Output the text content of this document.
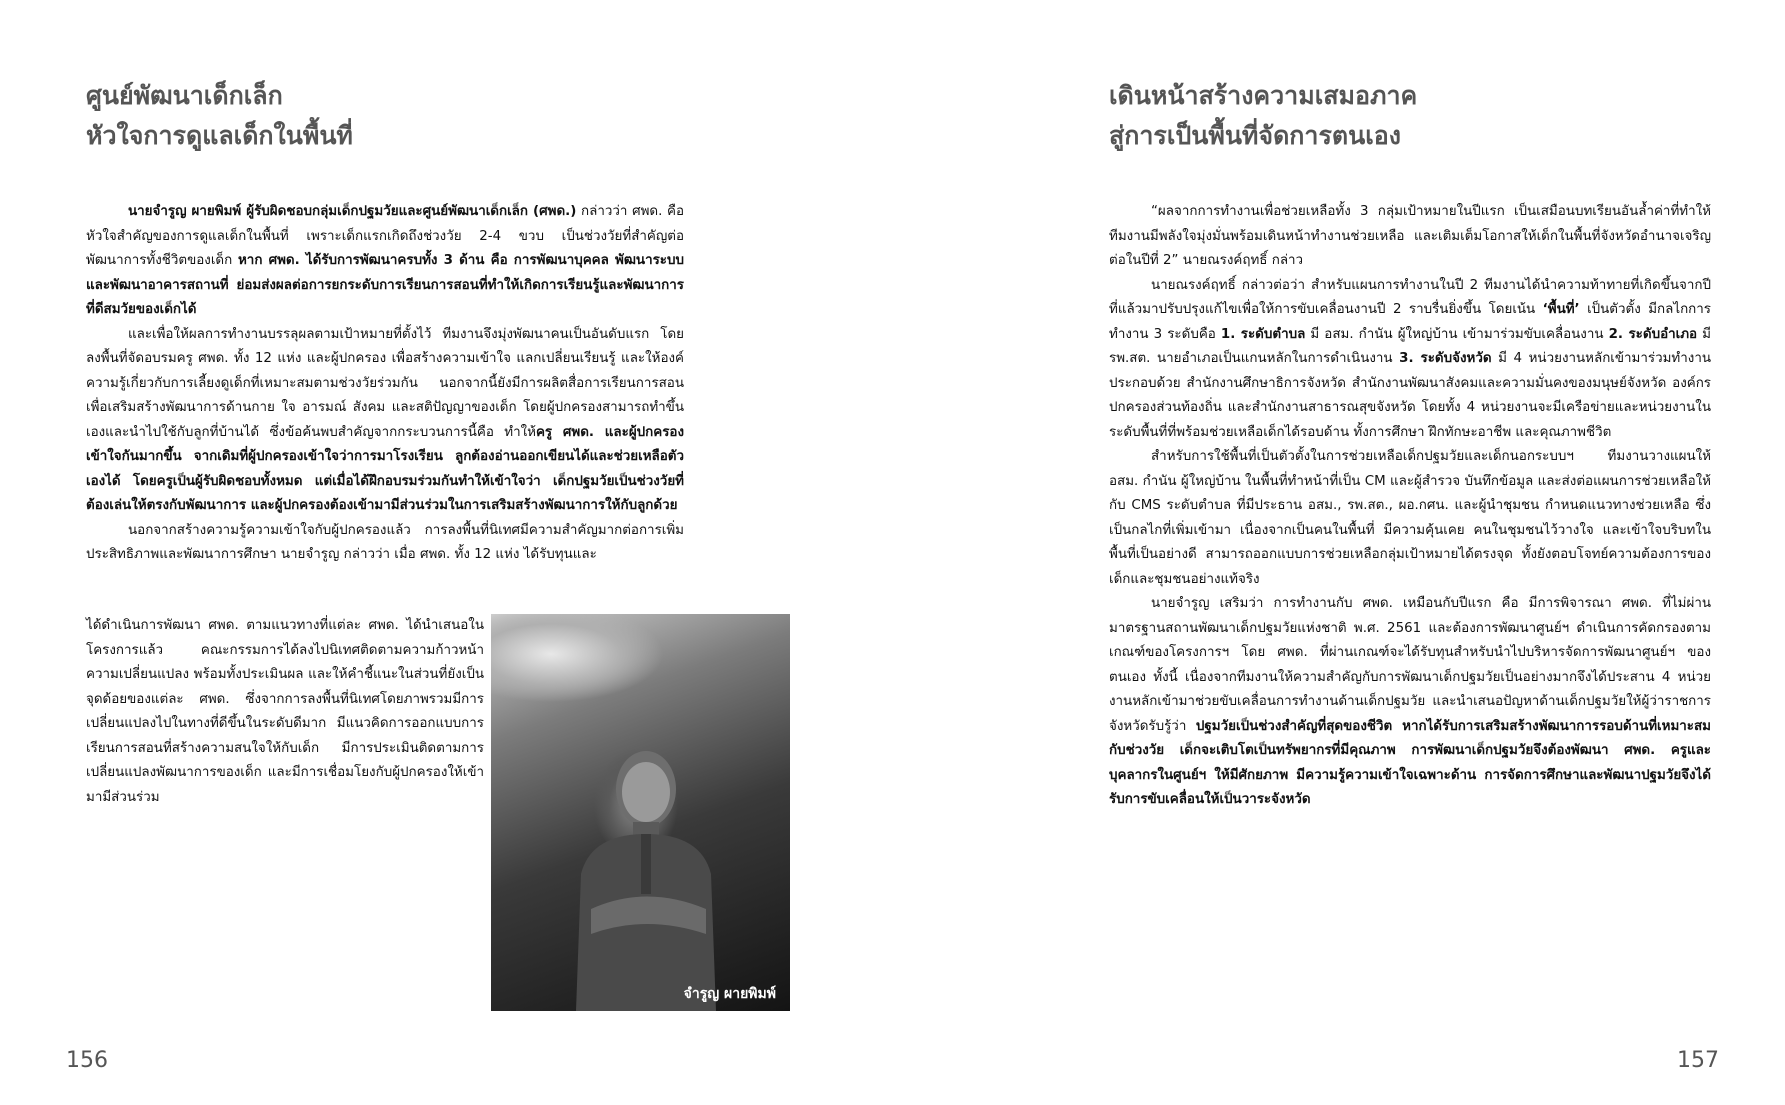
ศูนย์พัฒนาเด็กเล็ก
หัวใจการดูแลเด็กในพื้นที่

นายจำรูญ ผายพิมพ์ ผู้รับผิดชอบกลุ่มเด็กปฐมวัยและศูนย์พัฒนาเด็กเล็ก (ศพด.) กล่าวว่า ศพด. คือ หัวใจสำคัญของการดูแลเด็กในพื้นที่ เพราะเด็กแรกเกิดถึงช่วงวัย 2-4 ขวบ เป็นช่วงวัยที่สำคัญต่อพัฒนาการทั้งชีวิตของเด็ก หาก ศพด. ได้รับการพัฒนาครบทั้ง 3 ด้าน คือ การพัฒนาบุคคล พัฒนาระบบ และพัฒนาอาคารสถานที่ ย่อมส่งผลต่อการยกระดับการเรียนการสอนที่ทำให้เกิดการเรียนรู้และพัฒนาการที่ดีสมวัยของเด็กได้

และเพื่อให้ผลการทำงานบรรลุผลตามเป้าหมายที่ตั้งไว้ ทีมงานจึงมุ่งพัฒนาคนเป็นอันดับแรก โดยลงพื้นที่จัดอบรมครู ศพด. ทั้ง 12 แห่ง และผู้ปกครอง เพื่อสร้างความเข้าใจ แลกเปลี่ยนเรียนรู้ และให้องค์ความรู้เกี่ยวกับการเลี้ยงดูเด็กที่เหมาะสมตามช่วงวัยร่วมกัน นอกจากนี้ยังมีการผลิตสื่อการเรียนการสอนเพื่อเสริมสร้างพัฒนาการด้านกาย ใจ อารมณ์ สังคม และสติปัญญาของเด็ก โดยผู้ปกครองสามารถทำขึ้นเองและนำไปใช้กับลูกที่บ้านได้ ซึ่งข้อค้นพบสำคัญจากกระบวนการนี้คือ ทำให้ครู ศพด. และผู้ปกครองเข้าใจกันมากขึ้น จากเดิมที่ผู้ปกครองเข้าใจว่าการมาโรงเรียน ลูกต้องอ่านออกเขียนได้และช่วยเหลือตัวเองได้ โดยครูเป็นผู้รับผิดชอบทั้งหมด แต่เมื่อได้ฝึกอบรมร่วมกันทำให้เข้าใจว่า เด็กปฐมวัยเป็นช่วงวัยที่ต้องเล่นให้ตรงกับพัฒนาการ และผู้ปกครองต้องเข้ามามีส่วนร่วมในการเสริมสร้างพัฒนาการให้กับลูกด้วย

นอกจากสร้างความรู้ความเข้าใจกับผู้ปกครองแล้ว การลงพื้นที่นิเทศมีความสำคัญมากต่อการเพิ่มประสิทธิภาพและพัฒนาการศึกษา นายจำรูญ กล่าวว่า เมื่อ ศพด. ทั้ง 12 แห่ง ได้รับทุนและ

ได้ดำเนินการพัฒนา ศพด. ตามแนวทางที่แต่ละ ศพด. ได้นำเสนอในโครงการแล้ว คณะกรรมการได้ลงไปนิเทศติดตามความก้าวหน้า ความเปลี่ยนแปลง พร้อมทั้งประเมินผล และให้คำชี้แนะในส่วนที่ยังเป็นจุดด้อยของแต่ละ ศพด. ซึ่งจากการลงพื้นที่นิเทศโดยภาพรวมมีการเปลี่ยนแปลงไปในทางที่ดีขึ้นในระดับดีมาก มีแนวคิดการออกแบบการเรียนการสอนที่สร้างความสนใจให้กับเด็ก มีการประเมินติดตามการเปลี่ยนแปลงพัฒนาการของเด็ก และมีการเชื่อมโยงกับผู้ปกครองให้เข้ามามีส่วนร่วม

จำรูญ ผายพิมพ์
156
เดินหน้าสร้างความเสมอภาค
สู่การเป็นพื้นที่จัดการตนเอง

“ผลจากการทำงานเพื่อช่วยเหลือทั้ง 3 กลุ่มเป้าหมายในปีแรก เป็นเสมือนบทเรียนอันล้ำค่าที่ทำให้ทีมงานมีพลังใจมุ่งมั่นพร้อมเดินหน้าทำงานช่วยเหลือ และเติมเต็มโอกาสให้เด็กในพื้นที่จังหวัดอำนาจเจริญต่อในปีที่ 2” นายณรงค์ฤทธิ์ กล่าว

นายณรงค์ฤทธิ์ กล่าวต่อว่า สำหรับแผนการทำงานในปี 2 ทีมงานได้นำความท้าทายที่เกิดขึ้นจากปีที่แล้วมาปรับปรุงแก้ไขเพื่อให้การขับเคลื่อนงานปี 2 ราบรื่นยิ่งขึ้น โดยเน้น ‘พื้นที่’ เป็นตัวตั้ง มีกลไกการทำงาน 3 ระดับคือ 1. ระดับตำบล มี อสม. กำนัน ผู้ใหญ่บ้าน เข้ามาร่วมขับเคลื่อนงาน 2. ระดับอำเภอ มี รพ.สต. นายอำเภอเป็นแกนหลักในการดำเนินงาน 3. ระดับจังหวัด มี 4 หน่วยงานหลักเข้ามาร่วมทำงาน ประกอบด้วย สำนักงานศึกษาธิการจังหวัด สำนักงานพัฒนาสังคมและความมั่นคงของมนุษย์จังหวัด องค์กรปกครองส่วนท้องถิ่น และสำนักงานสาธารณสุขจังหวัด โดยทั้ง 4 หน่วยงานจะมีเครือข่ายและหน่วยงานในระดับพื้นที่ที่พร้อมช่วยเหลือเด็กได้รอบด้าน ทั้งการศึกษา ฝึกทักษะอาชีพ และคุณภาพชีวิต

สำหรับการใช้พื้นที่เป็นตัวตั้งในการช่วยเหลือเด็กปฐมวัยและเด็กนอกระบบฯ ทีมงานวางแผนให้ อสม. กำนัน ผู้ใหญ่บ้าน ในพื้นที่ทำหน้าที่เป็น CM และผู้สำรวจ บันทึกข้อมูล และส่งต่อแผนการช่วยเหลือให้กับ CMS ระดับตำบล ที่มีประธาน อสม., รพ.สต., ผอ.กศน. และผู้นำชุมชน กำหนดแนวทางช่วยเหลือ ซึ่งเป็นกลไกที่เพิ่มเข้ามา เนื่องจากเป็นคนในพื้นที่ มีความคุ้นเคย คนในชุมชนไว้วางใจ และเข้าใจบริบทในพื้นที่เป็นอย่างดี สามารถออกแบบการช่วยเหลือกลุ่มเป้าหมายได้ตรงจุด ทั้งยังตอบโจทย์ความต้องการของเด็กและชุมชนอย่างแท้จริง

นายจำรูญ เสริมว่า การทำงานกับ ศพด. เหมือนกับปีแรก คือ มีการพิจารณา ศพด. ที่ไม่ผ่านมาตรฐานสถานพัฒนาเด็กปฐมวัยแห่งชาติ พ.ศ. 2561 และต้องการพัฒนาศูนย์ฯ ดำเนินการคัดกรองตามเกณฑ์ของโครงการฯ โดย ศพด. ที่ผ่านเกณฑ์จะได้รับทุนสำหรับนำไปบริหารจัดการพัฒนาศูนย์ฯ ของตนเอง ทั้งนี้ เนื่องจากทีมงานให้ความสำคัญกับการพัฒนาเด็กปฐมวัยเป็นอย่างมากจึงได้ประสาน 4 หน่วยงานหลักเข้ามาช่วยขับเคลื่อนการทำงานด้านเด็กปฐมวัย และนำเสนอปัญหาด้านเด็กปฐมวัยให้ผู้ว่าราชการจังหวัดรับรู้ว่า ปฐมวัยเป็นช่วงสำคัญที่สุดของชีวิต หากได้รับการเสริมสร้างพัฒนาการรอบด้านที่เหมาะสมกับช่วงวัย เด็กจะเติบโตเป็นทรัพยากรที่มีคุณภาพ การพัฒนาเด็กปฐมวัยจึงต้องพัฒนา ศพด. ครูและบุคลากรในศูนย์ฯ ให้มีศักยภาพ มีความรู้ความเข้าใจเฉพาะด้าน การจัดการศึกษาและพัฒนาปฐมวัยจึงได้รับการขับเคลื่อนให้เป็นวาระจังหวัด

157
